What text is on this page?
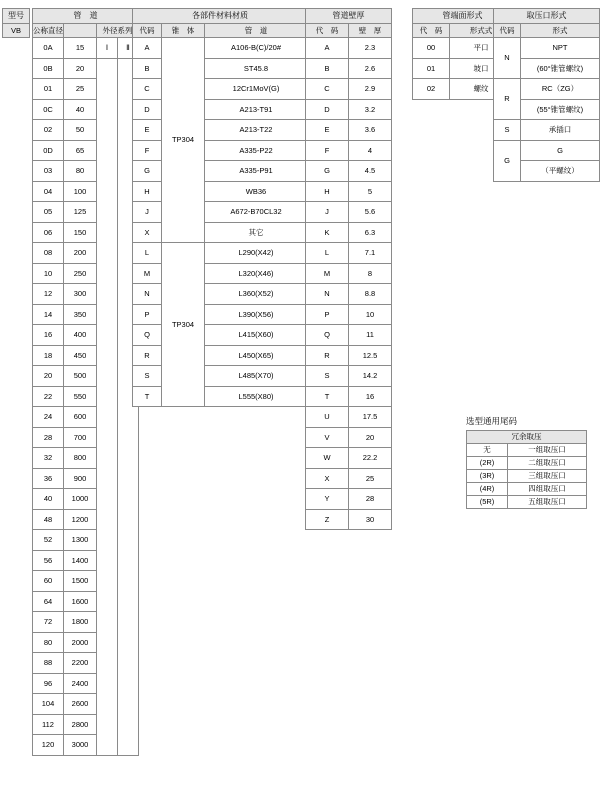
型号
VB
管　道			
公称直径		外径系列	
0A	15	Ⅰ	Ⅱ
0B	20		
01	25		
0C	40		
02	50		
0D	65		
03	80		
04	100		
05	125		
06	150		
08	200		
10	250		
12	300		
14	350		
16	400		
18	450		
20	500		
22	550		
24	600		
28	700		
32	800		
36	900		
40	1000		
48	1200		
52	1300		
56	1400		
60	1500		
64	1600		
72	1800		
80	2000		
88	2200		
96	2400		
104	2600		
112	2800		
120	3000		
各部件材料材质		
代码	锥　体	管　道
A	TP304	A106-B(C)/20#
B		ST45.8
C		12Cr1MoV(G)
D		A213-T91
E		A213-T22
F		A335-P22
G		A335-P91
H		WB36
J		A672-B70CL32
X		其它
L	TP304	L290(X42)
M		L320(X46)
N		L360(X52)
P		L390(X56)
Q		L415(X60)
R		L450(X65)
S		L485(X70)
T		L555(X80)
管道壁厚	
代　码	壁　厚
A	2.3
B	2.6
C	2.9
D	3.2
E	3.6
F	4
G	4.5
H	5
J	5.6
K	6.3
L	7.1
M	8
N	8.8
P	10
Q	11
R	12.5
S	14.2
T	16
U	17.5
V	20
W	22.2
X	25
Y	28
Z	30
管端面形式	
代　码	形式式
00	平口
01	坡口
02	螺纹
取压口形式	
代码	形式
N	NPT
	(60°锥管螺纹)
R	RC（ZG）
	(55°锥管螺纹)
S	承插口
G	G
	（平螺纹）
选型通用尾码
冗余取压	
无	一组取压口
(2R)	二组取压口
(3R)	三组取压口
(4R)	四组取压口
(5R)	五组取压口
